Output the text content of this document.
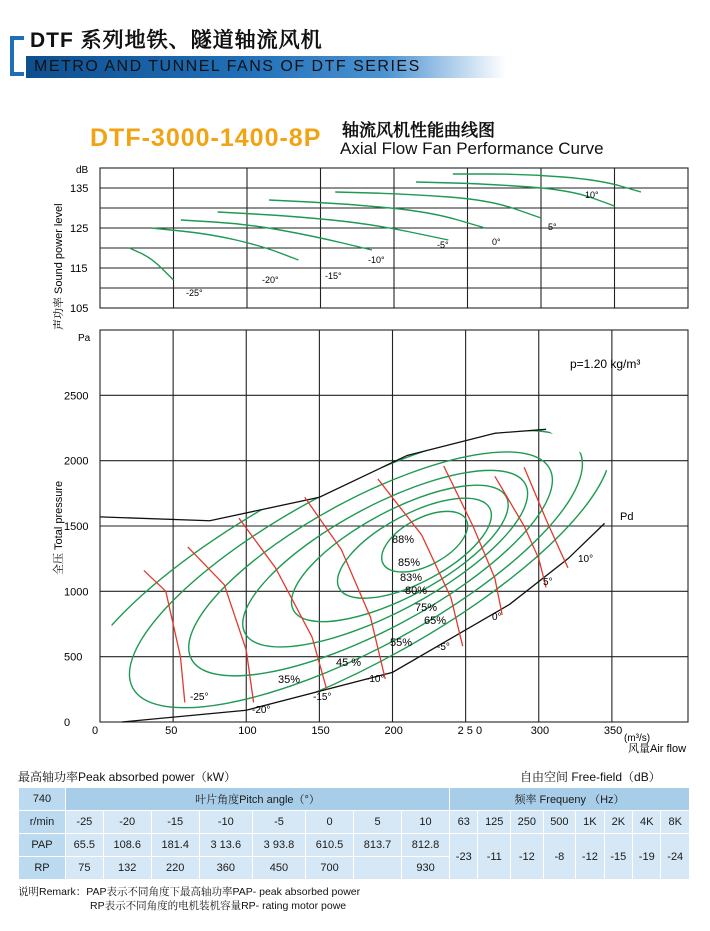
DTF 系列地铁、隧道轴流风机
METRO AND TUNNEL FANS OF DTF SERIES
DTF-3000-1400-8P 轴流风机性能曲线图
Axial Flow Fan Performance Curve
135
125
115
105
-25°
-20°	-15°
-10°
-5°	0°
5°
10°
0	50	100	150	200	2 5 0	300	350
0
500
1000
1500
2000
2500
-25°
-20°
-15°
-10°
-5°
0°
5°
10°
88%
85%
83%
80%
75%
65%
55%
45 %
35%
dB
Pa
(m³/s)
风量Air flow
声功率 Sound power level
全压 Total pressure
p=1.20 kg/m³
Pd
最高轴功率Peak absorbed power（kW）	自由空间 Free-field（dB）
740	叶片角度Pitch angle（°）								频率 Frequeny （Hz）							
r/min	-25	-20	-15	-10	-5	0	5	10	63	125	250	500	1K	2K	4K	8K
PAP	65.5	108.6	181.4	3 13.6	3 93.8	610.5	813.7	812.8	-23	-11	-12	-8	-12	-15	-19	-24
RP	75	132	220	360	450	700		930								
说明Remark：PAP表示不同角度下最高轴功率PAP- peak absorbed power
RP表示不同角度的电机装机容量RP- rating motor powe
